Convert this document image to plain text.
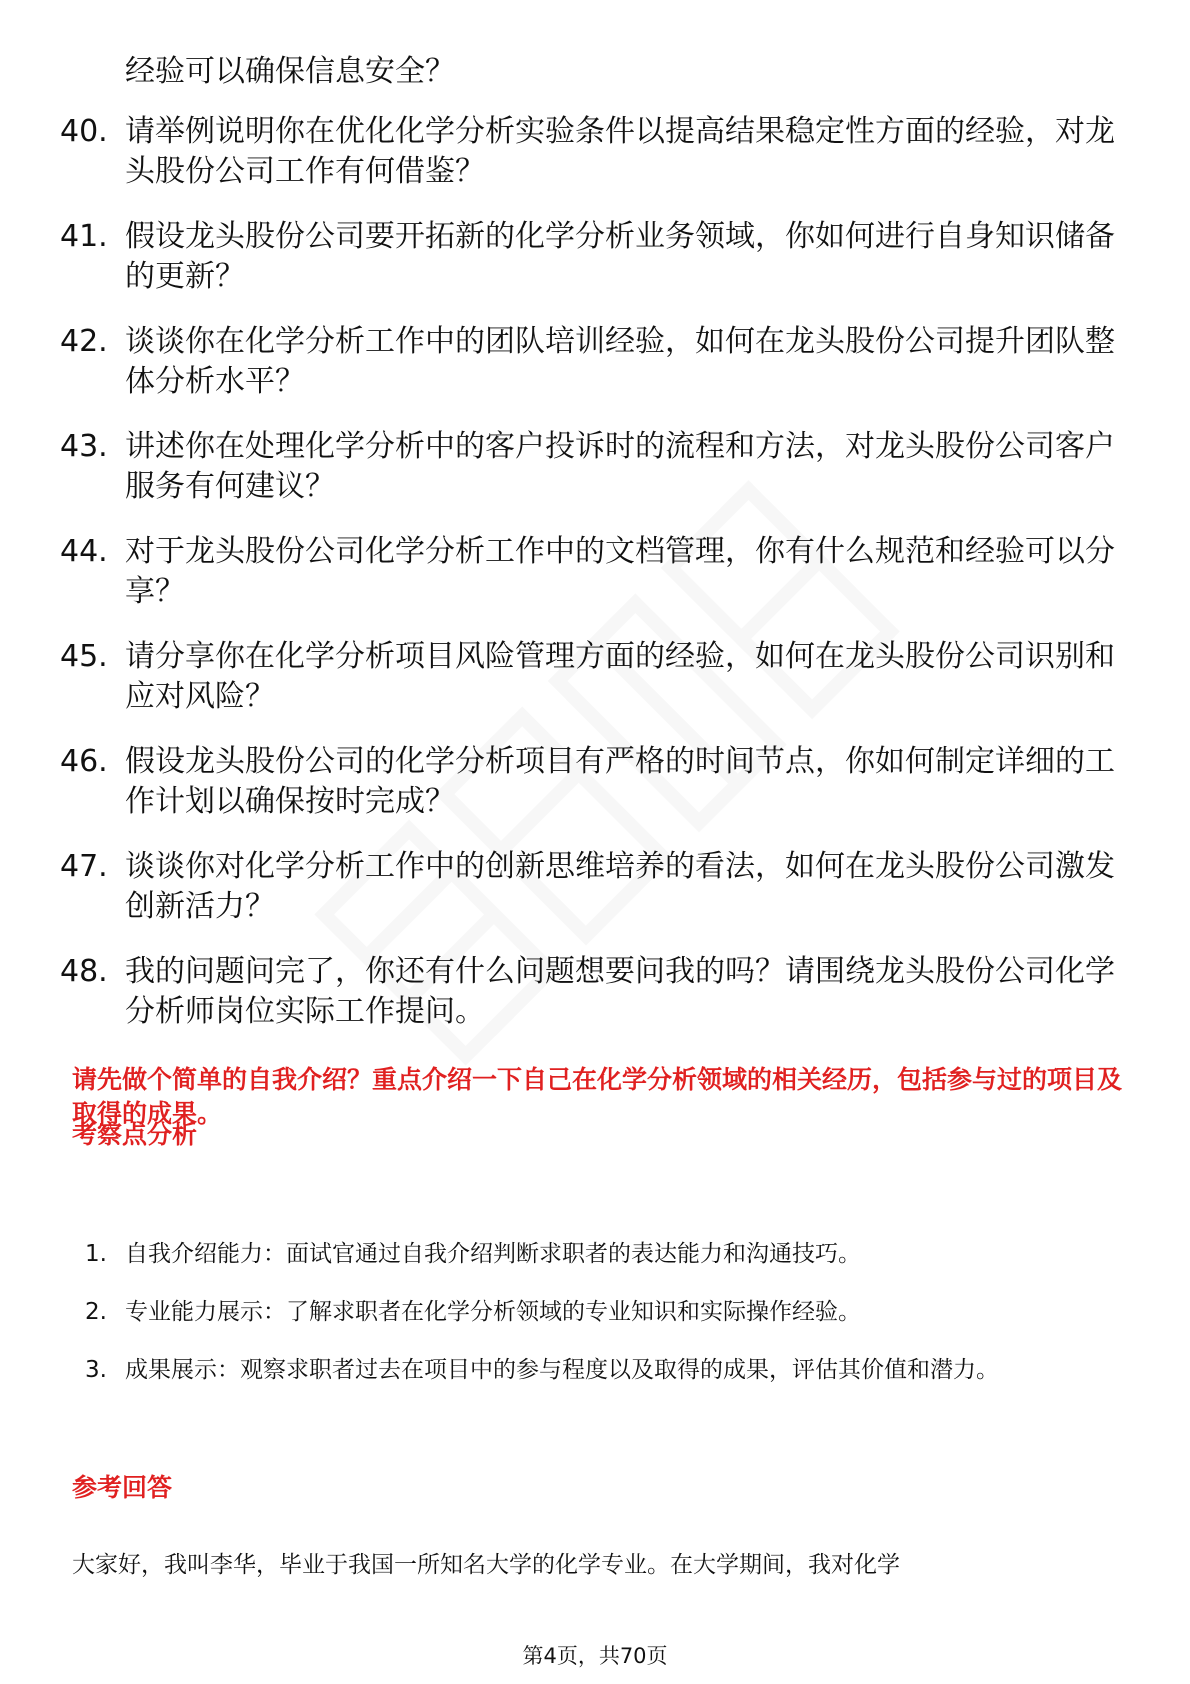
经验可以确保信息安全？
40. 请举例说明你在优化化学分析实验条件以提高结果稳定性方面的经验，对龙头股份公司工作有何借鉴？
41. 假设龙头股份公司要开拓新的化学分析业务领域，你如何进行自身知识储备的更新？
42. 谈谈你在化学分析工作中的团队培训经验，如何在龙头股份公司提升团队整体分析水平？
43. 讲述你在处理化学分析中的客户投诉时的流程和方法，对龙头股份公司客户服务有何建议？
44. 对于龙头股份公司化学分析工作中的文档管理，你有什么规范和经验可以分享？
45. 请分享你在化学分析项目风险管理方面的经验，如何在龙头股份公司识别和应对风险？
46. 假设龙头股份公司的化学分析项目有严格的时间节点，你如何制定详细的工作计划以确保按时完成？
47. 谈谈你对化学分析工作中的创新思维培养的看法，如何在龙头股份公司激发创新活力？
48. 我的问题问完了，你还有什么问题想要问我的吗？请围绕龙头股份公司化学分析师岗位实际工作提问。
请先做个简单的自我介绍？重点介绍一下自己在化学分析领域的相关经历，包括参与过的项目及取得的成果。
考察点分析
1. 自我介绍能力：面试官通过自我介绍判断求职者的表达能力和沟通技巧。
2. 专业能力展示：了解求职者在化学分析领域的专业知识和实际操作经验。
3. 成果展示：观察求职者过去在项目中的参与程度以及取得的成果，评估其价值和潜力。
参考回答
大家好，我叫李华，毕业于我国一所知名大学的化学专业。在大学期间，我对化学
第4页，共70页
